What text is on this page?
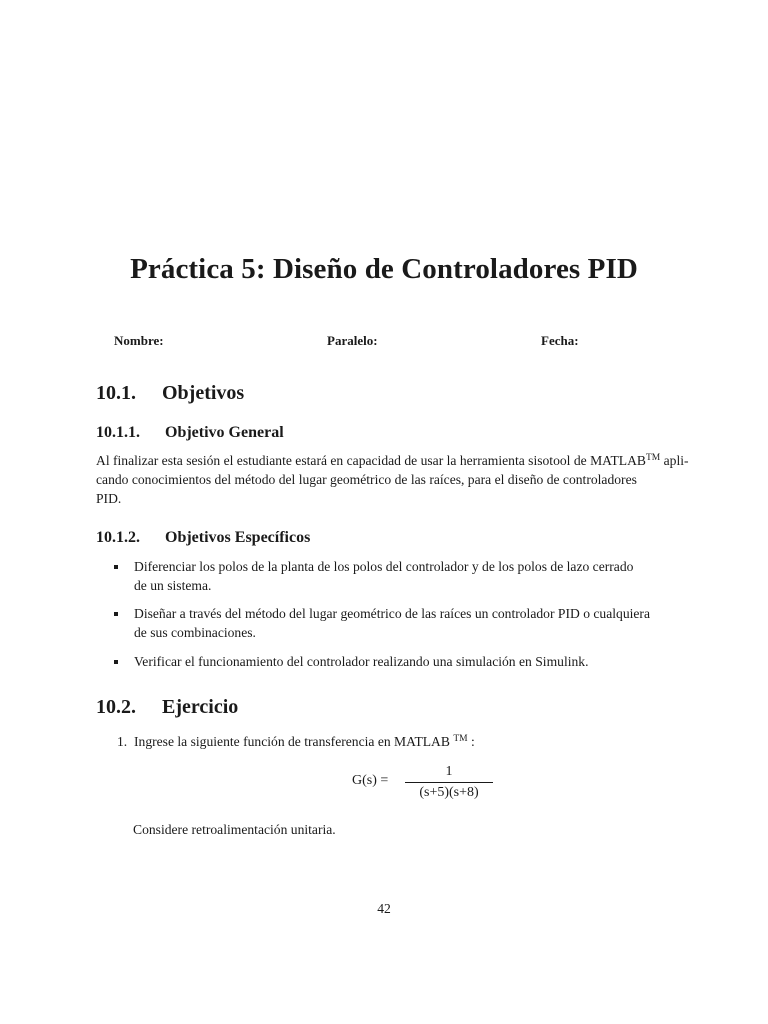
Práctica 5: Diseño de Controladores PID
Nombre:	Paralelo:	Fecha:
10.1. Objetivos
10.1.1. Objetivo General
Al finalizar esta sesión el estudiante estará en capacidad de usar la herramienta sisotool de MATLAB™ apli-
cando conocimientos del método del lugar geométrico de las raíces, para el diseño de controladores
PID.
10.1.2. Objetivos Específicos
Diferenciar los polos de la planta de los polos del controlador y de los polos de lazo cerrado
de un sistema.
Diseñar a través del método del lugar geométrico de las raíces un controlador PID o cualquiera
de sus combinaciones.
Verificar el funcionamiento del controlador realizando una simulación en Simulink.
10.2. Ejercicio
1. Ingrese la siguiente función de transferencia en MATLAB ™ :
G(s) =
1
(s+5)(s+8)
Considere retroalimentación unitaria.
42
